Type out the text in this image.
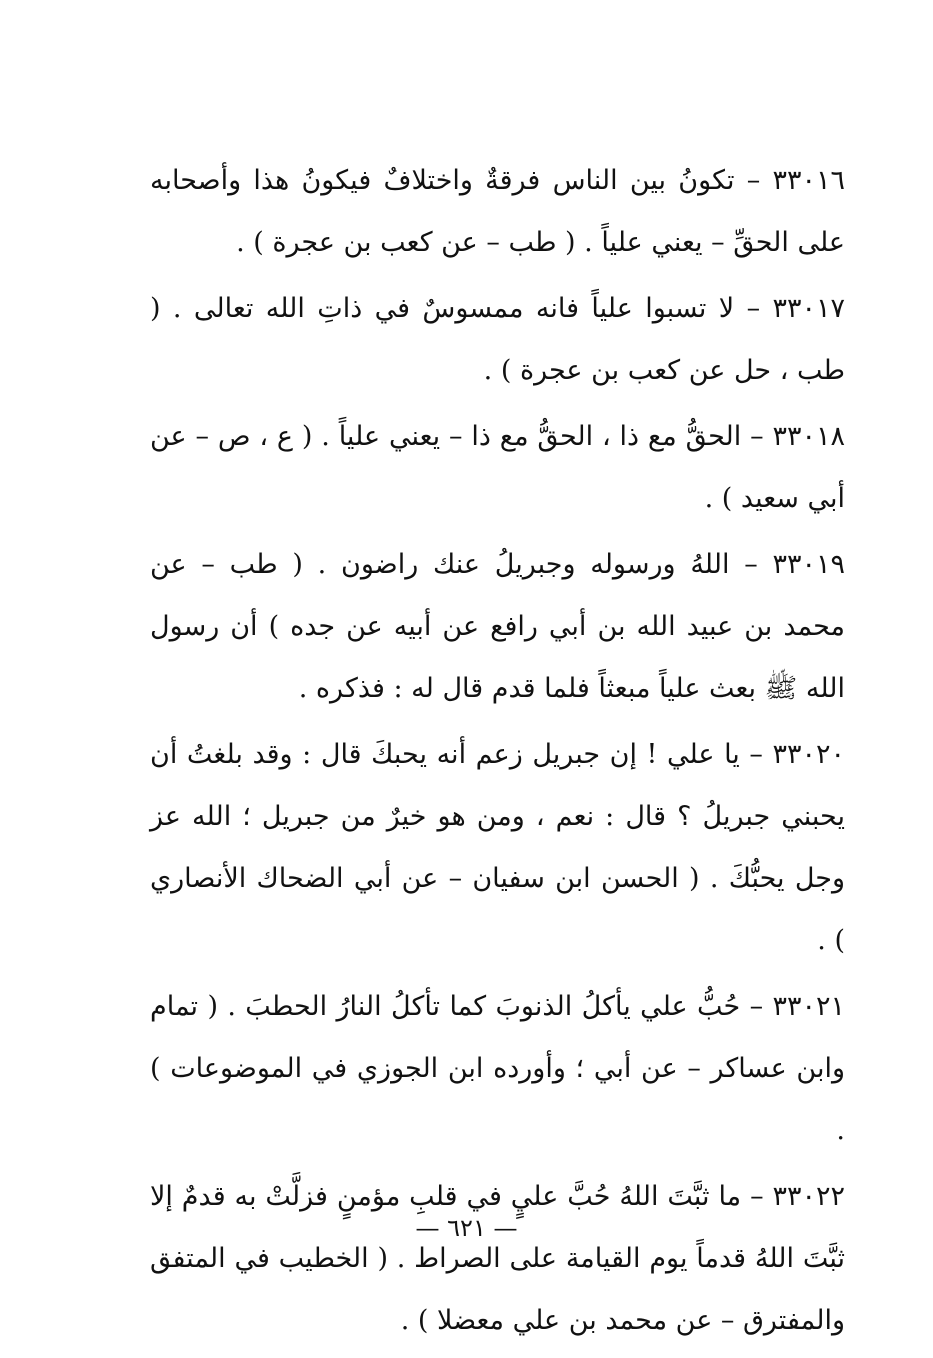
٣٣٠١٦ – تكونُ بين الناس فرقةٌ واختلافٌ فيكونُ هذا وأصحابه على الحقِّ – يعني علياً . ( طب – عن كعب بن عجرة ) .

٣٣٠١٧ – لا تسبوا علياً فانه ممسوسٌ في ذاتِ الله تعالى . ( طب ، حل عن كعب بن عجرة ) .

٣٣٠١٨ – الحقُّ مع ذا ، الحقُّ مع ذا – يعني علياً . ( ع ، ص – عن أبي سعيد ) .

٣٣٠١٩ – اللهُ ورسوله وجبريلُ عنك راضون . ( طب – عن محمد بن عبيد الله بن أبي رافع عن أبيه عن جده ) أن رسول الله ﷺ بعث علياً مبعثاً فلما قدم قال له : فذكره .

٣٣٠٢٠ – يا علي ! إن جبريل زعم أنه يحبكَ قال : وقد بلغتُ أن يحبني جبريلُ ؟ قال : نعم ، ومن هو خيرٌ من جبريل ؛ الله عز وجل يحبُّكَ . ( الحسن ابن سفيان – عن أبي الضحاك الأنصاري ) .

٣٣٠٢١ – حُبُّ علي يأكلُ الذنوبَ كما تأكلُ النارُ الحطبَ . ( تمام وابن عساكر – عن أبي ؛ وأورده ابن الجوزي في الموضوعات ) .

٣٣٠٢٢ – ما ثبَّتَ اللهُ حُبَّ عليٍ في قلبِ مؤمنٍ فزلَّتْ به قدمٌ إلا ثبَّتَ اللهُ قدماً يوم القيامة على الصراط . ( الخطيب في المتفق والمفترق – عن محمد بن علي معضلا ) .

— ٦٢١ —
